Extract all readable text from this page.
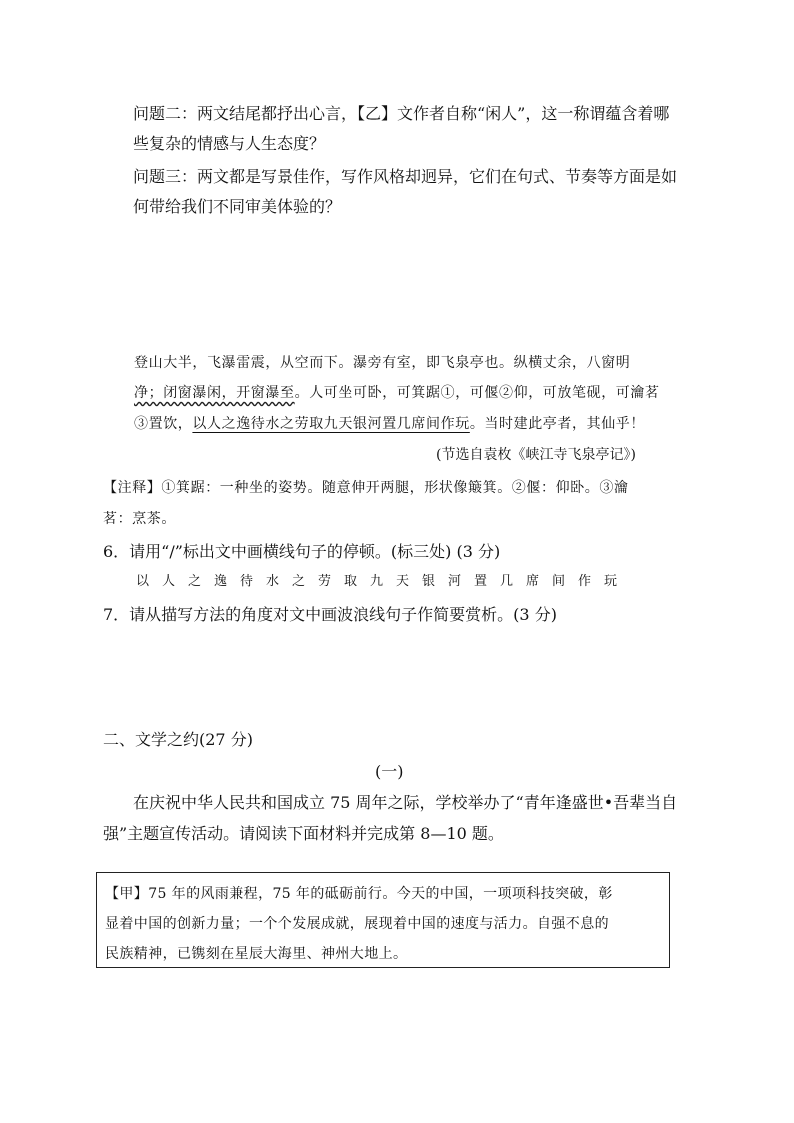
问题二：两文结尾都抒出心言，【乙】文作者自称“闲人”，这一称谓蕴含着哪
些复杂的情感与人生态度？
问题三：两文都是写景佳作，写作风格却迥异，它们在句式、节奏等方面是如
何带给我们不同审美体验的？
登山大半，飞瀑雷震，从空而下。瀑旁有室，即飞泉亭也。纵横丈余，八窗明
净；闭窗瀑闲，开窗瀑至。人可坐可卧，可箕踞①，可偃②仰，可放笔砚，可瀹茗
③置饮，以人之逸待水之劳取九天银河置几席间作玩。当时建此亭者，其仙乎！
(节选自袁枚《峡江寺飞泉亭记》)
【注释】①箕踞：一种坐的姿势。随意伸开两腿，形状像簸箕。②偃：仰卧。③瀹
茗：烹茶。
6．请用“/”标出文中画横线句子的停顿。(标三处) (3 分)
以人之逸待水之劳取九天银河置几席间作玩
7．请从描写方法的角度对文中画波浪线句子作简要赏析。(3 分)
二、文学之约(27 分)
(一)
在庆祝中华人民共和国成立 75 周年之际，学校举办了“青年逢盛世•吾辈当自
强”主题宣传活动。请阅读下面材料并完成第 8—10 题。
【甲】75 年的风雨兼程，75 年的砥砺前行。今天的中国，一项项科技突破，彰
显着中国的创新力量；一个个发展成就，展现着中国的速度与活力。自强不息的
民族精神，已镌刻在星辰大海里、神州大地上。
